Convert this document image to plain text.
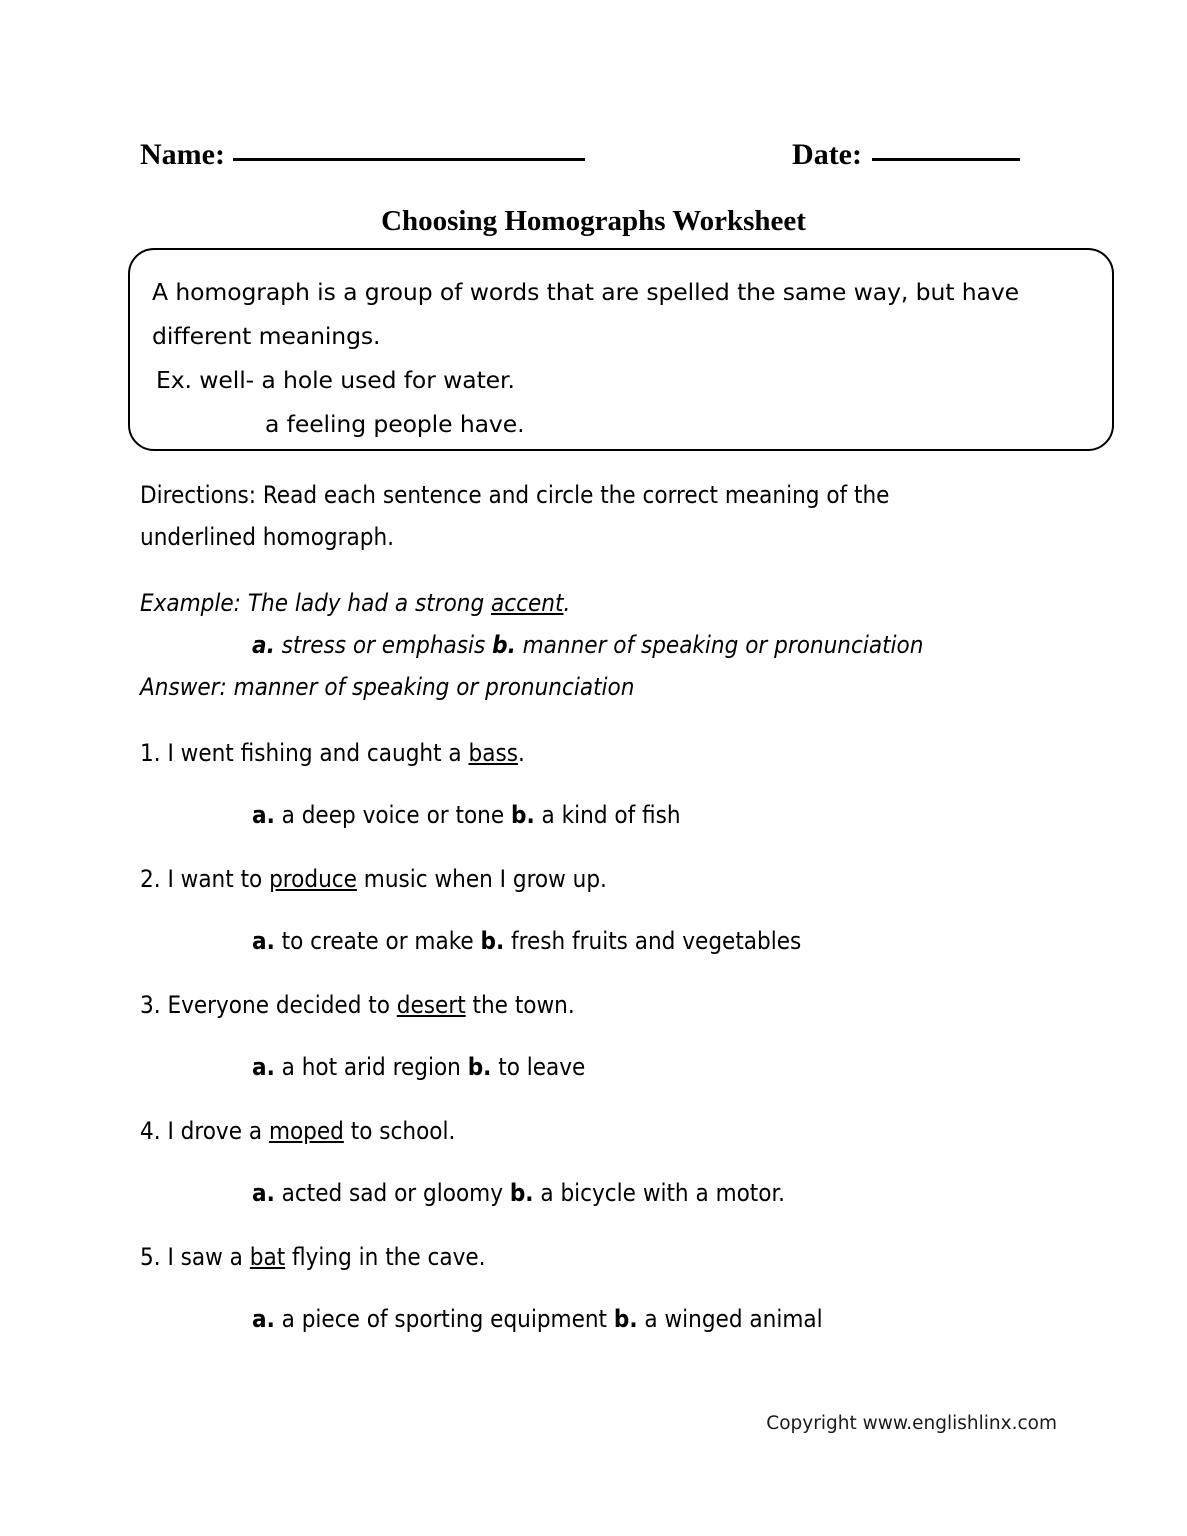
Name:	Date:
Choosing Homographs Worksheet
A homograph is a group of words that are spelled the same way, but have
different meanings.
Ex. well- a hole used for water.
a feeling people have.
Directions: Read each sentence and circle the correct meaning of the
underlined homograph.
Example: The lady had a strong accent.
a. stress or emphasis b. manner of speaking or pronunciation
Answer: manner of speaking or pronunciation
1. I went fishing and caught a bass.
a. a deep voice or tone b. a kind of fish
2. I want to produce music when I grow up.
a. to create or make b. fresh fruits and vegetables
3. Everyone decided to desert the town.
a. a hot arid region b. to leave
4. I drove a moped to school.
a. acted sad or gloomy b. a bicycle with a motor.
5. I saw a bat flying in the cave.
a. a piece of sporting equipment b. a winged animal
Copyright www.englishlinx.com
